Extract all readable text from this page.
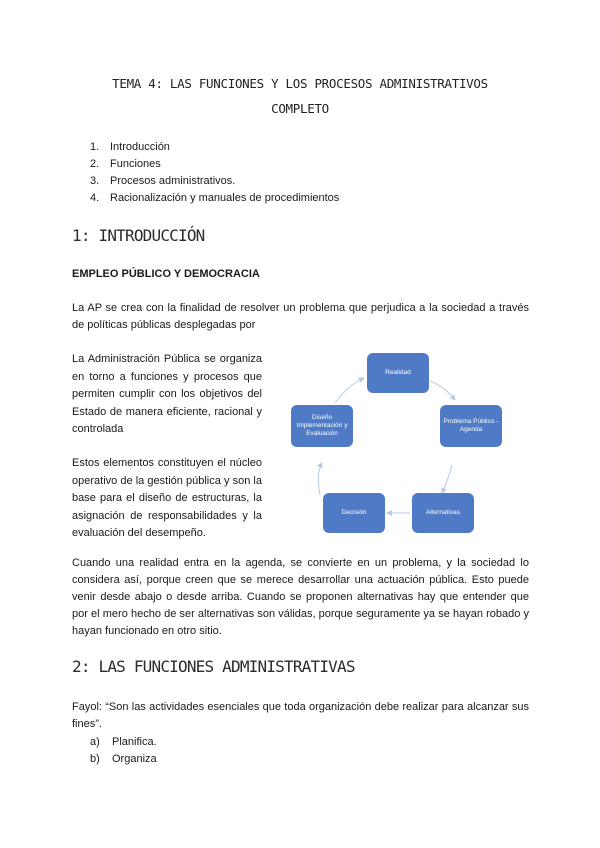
TEMA 4: LAS FUNCIONES Y LOS PROCESOS ADMINISTRATIVOS
COMPLETO
1. Introducción
2. Funciones
3. Procesos administrativos.
4. Racionalización y manuales de procedimientos
1: INTRODUCCIÓN
EMPLEO PÚBLICO Y DEMOCRACIA
La AP se crea con la finalidad de resolver un problema que perjudica a la sociedad a través de políticas públicas desplegadas por
La Administración Pública se organiza en torno a funciones y procesos que permiten cumplir con los objetivos del Estado de manera eficiente, racional y controlada
Estos elementos constituyen el núcleo operativo de la gestión pública y son la base para el diseño de estructuras, la asignación de responsabilidades y la evaluación del desempeño.
Realidad
Problema Público - Agenda
Alternativas
Decisión
Diseño Implementación y Evaluación
Cuando una realidad entra en la agenda, se convierte en un problema, y la sociedad lo considera así, porque creen que se merece desarrollar una actuación pública. Esto puede venir desde abajo o desde arriba. Cuando se proponen alternativas hay que entender que por el mero hecho de ser alternativas son válidas, porque seguramente ya se hayan robado y hayan funcionado en otro sitio.
2: LAS FUNCIONES ADMINISTRATIVAS
Fayol: “Son las actividades esenciales que toda organización debe realizar para alcanzar sus fines”.
a) Planifica.
b) Organiza
